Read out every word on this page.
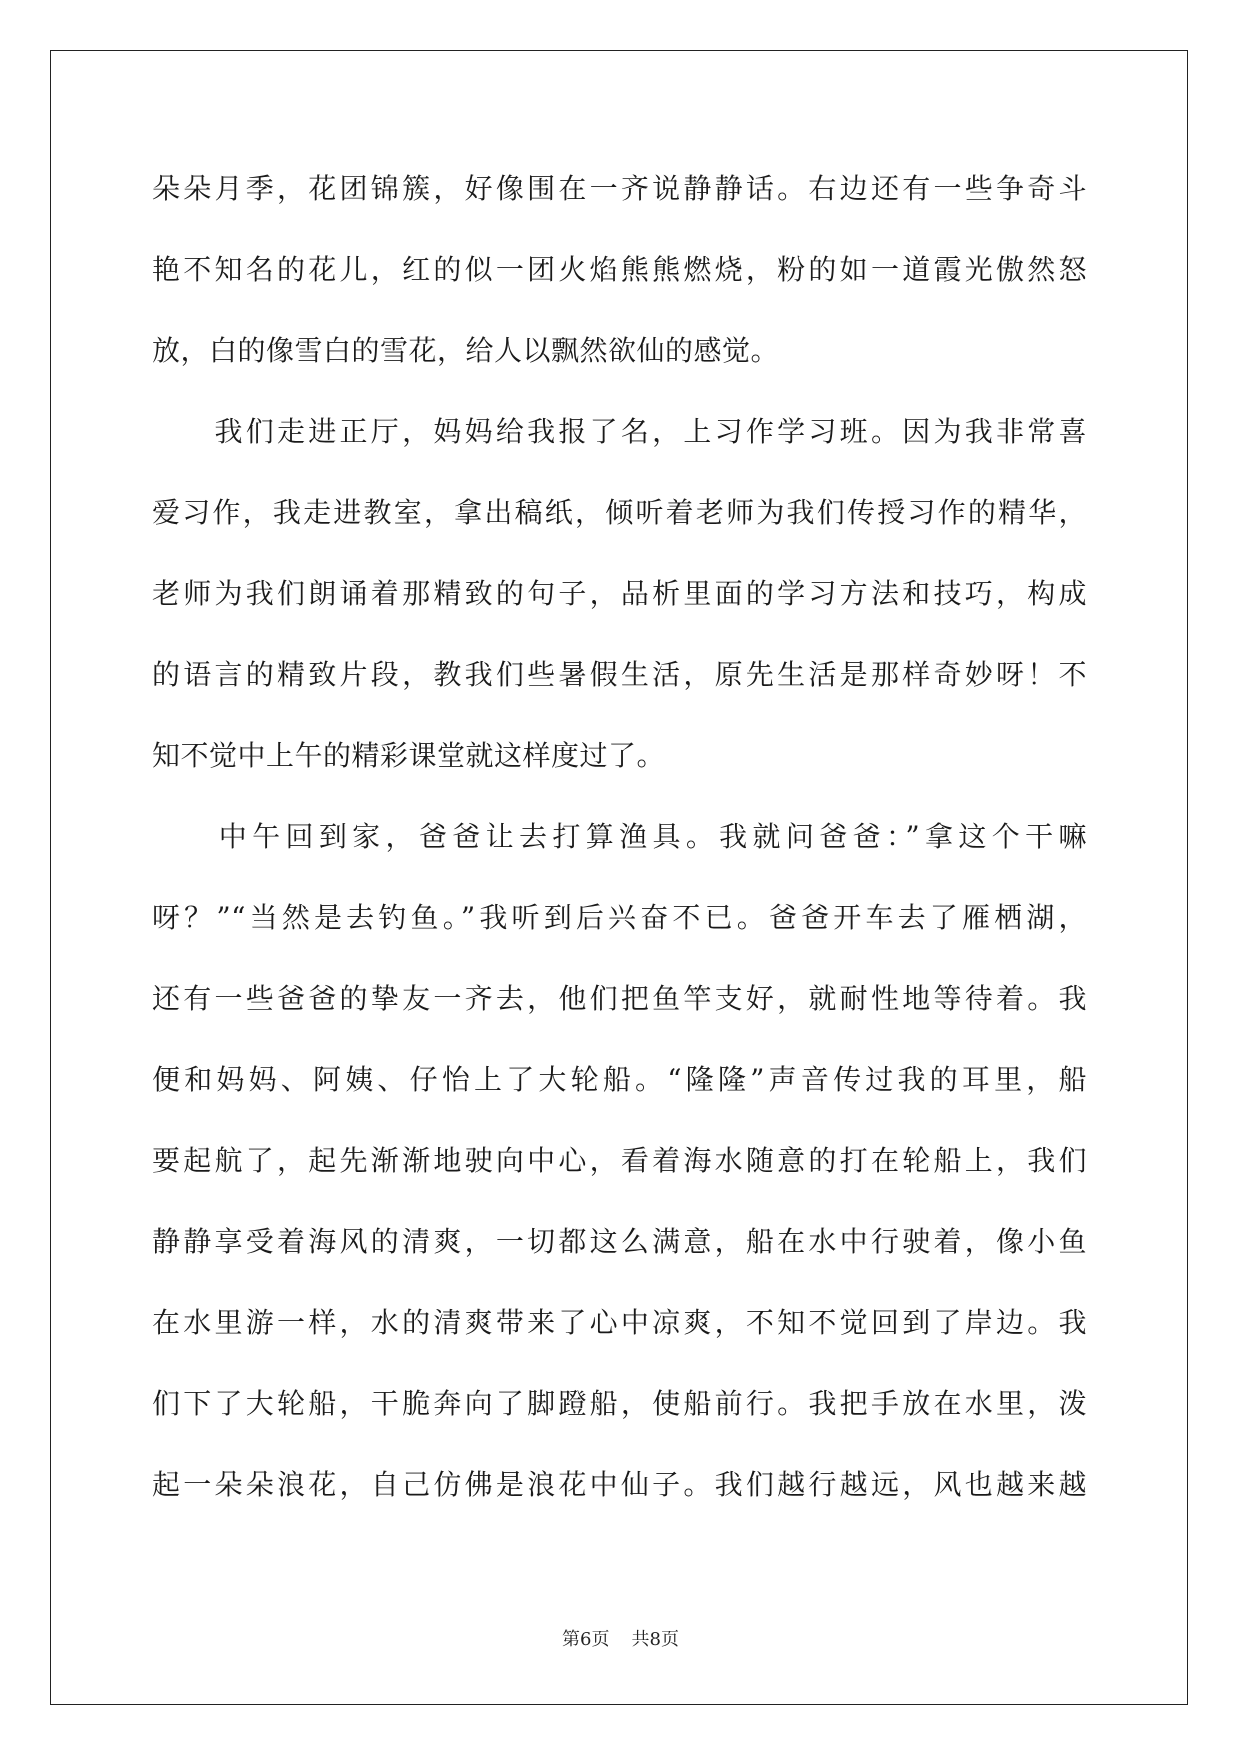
朵朵月季，花团锦簇，好像围在一齐说静静话。右边还有一些争奇斗
艳不知名的花儿，红的似一团火焰熊熊燃烧，粉的如一道霞光傲然怒
放，白的像雪白的雪花，给人以飘然欲仙的感觉。
　　我们走进正厅，妈妈给我报了名，上习作学习班。因为我非常喜
爱习作，我走进教室，拿出稿纸，倾听着老师为我们传授习作的精华，
老师为我们朗诵着那精致的句子，品析里面的学习方法和技巧，构成
的语言的精致片段，教我们些暑假生活，原先生活是那样奇妙呀！不
知不觉中上午的精彩课堂就这样度过了。
　　中午回到家，爸爸让去打算渔具。我就问爸爸：”拿这个干嘛
呀？”“当然是去钓鱼。”我听到后兴奋不已。爸爸开车去了雁栖湖，
还有一些爸爸的挚友一齐去，他们把鱼竿支好，就耐性地等待着。我
便和妈妈、阿姨、仔怡上了大轮船。“隆隆”声音传过我的耳里，船
要起航了，起先渐渐地驶向中心，看着海水随意的打在轮船上，我们
静静享受着海风的清爽，一切都这么满意，船在水中行驶着，像小鱼
在水里游一样，水的清爽带来了心中凉爽，不知不觉回到了岸边。我
们下了大轮船，干脆奔向了脚蹬船，使船前行。我把手放在水里，泼
起一朵朵浪花，自己仿佛是浪花中仙子。我们越行越远，风也越来越
第6页 共8页
